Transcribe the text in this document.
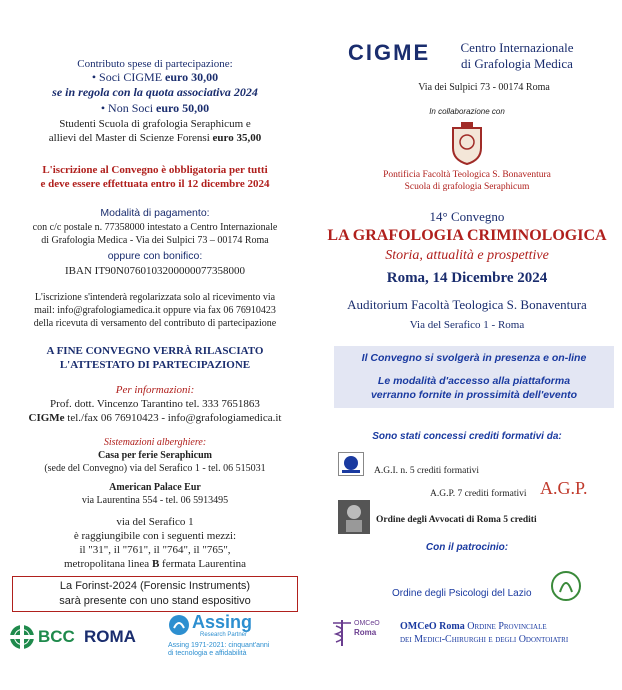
Contributo spese di partecipazione:
• Soci CIGME euro 30,00
se in regola con la quota associativa 2024
• Non Soci euro 50,00
Studenti Scuola di grafologia Seraphicum e
allievi del Master di Scienze Forensi euro 35,00
L'iscrizione al Convegno è obbligatoria per tutti
e deve essere effettuata entro il 12 dicembre 2024
Modalità di pagamento:
con c/c postale n. 77358000 intestato a Centro Internazionale
di Grafologia Medica - Via dei Sulpici 73 – 00174 Roma
oppure con bonifico:
IBAN IT90N0760103200000077358000
L'iscrizione s'intenderà regolarizzata solo al ricevimento via
mail: info@grafologiamedica.it oppure via fax 06 76910423
della ricevuta di versamento del contributo di partecipazione
A FINE CONVEGNO VERRÀ RILASCIATO
L'ATTESTATO DI PARTECIPAZIONE
Per informazioni:
Prof. dott. Vincenzo Tarantino tel. 333 7651863
CIGMe tel./fax 06 76910423 - info@grafologiamedica.it
Sistemazioni alberghiere:
Casa per ferie Seraphicum
(sede del Convegno) via del Serafico 1 - tel. 06 515031
American Palace Eur
via Laurentina 554 - tel. 06 5913495
via del Serafico 1
è raggiungibile con i seguenti mezzi:
il "31", il "761", il "764", il "765",
metropolitana linea B fermata Laurentina
La Forinst-2024 (Forensic Instruments)
sarà presente con uno stand espositivo
BCC ROMA
Assing
Research Partner
Assing 1971-2021: cinquant'anni
di tecnologia e affidabilità
CIGME	Centro Internazionale
di Grafologia Medica
Via dei Sulpici 73 - 00174 Roma
In collaborazione con
Pontificia Facoltà Teologica S. Bonaventura
Scuola di grafologia Seraphicum
14° Convegno
LA GRAFOLOGIA CRIMINOLOGICA
Storia, attualità e prospettive
Roma, 14 Dicembre 2024
Auditorium Facoltà Teologica S. Bonaventura
Via del Serafico 1 - Roma
Il Convegno si svolgerà in presenza e on-line
Le modalità d'accesso alla piattaforma
verranno fornite in prossimità dell'evento
Sono stati concessi crediti formativi da:
A.G.I. n. 5 crediti formativi
A.G.P. 7 crediti formativi A.G.P.
Ordine degli Avvocati di Roma 5 crediti
Con il patrocinio:
Ordine degli Psicologi del Lazio
OMCeO
Roma
OMCeO Roma Ordine Provinciale
dei Medici-Chirurghi e degli Odontoiatri
